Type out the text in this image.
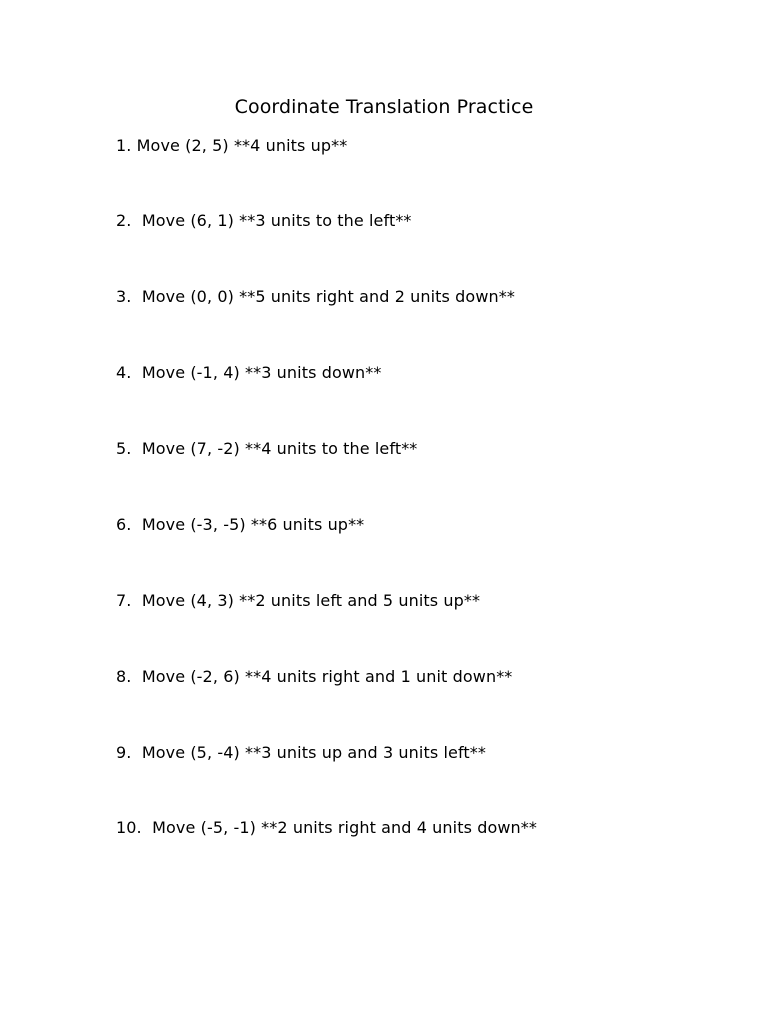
Coordinate Translation Practice
1. Move (2, 5) **4 units up**
2. Move (6, 1) **3 units to the left**
3. Move (0, 0) **5 units right and 2 units down**
4. Move (-1, 4) **3 units down**
5. Move (7, -2) **4 units to the left**
6. Move (-3, -5) **6 units up**
7. Move (4, 3) **2 units left and 5 units up**
8. Move (-2, 6) **4 units right and 1 unit down**
9. Move (5, -4) **3 units up and 3 units left**
10. Move (-5, -1) **2 units right and 4 units down**
